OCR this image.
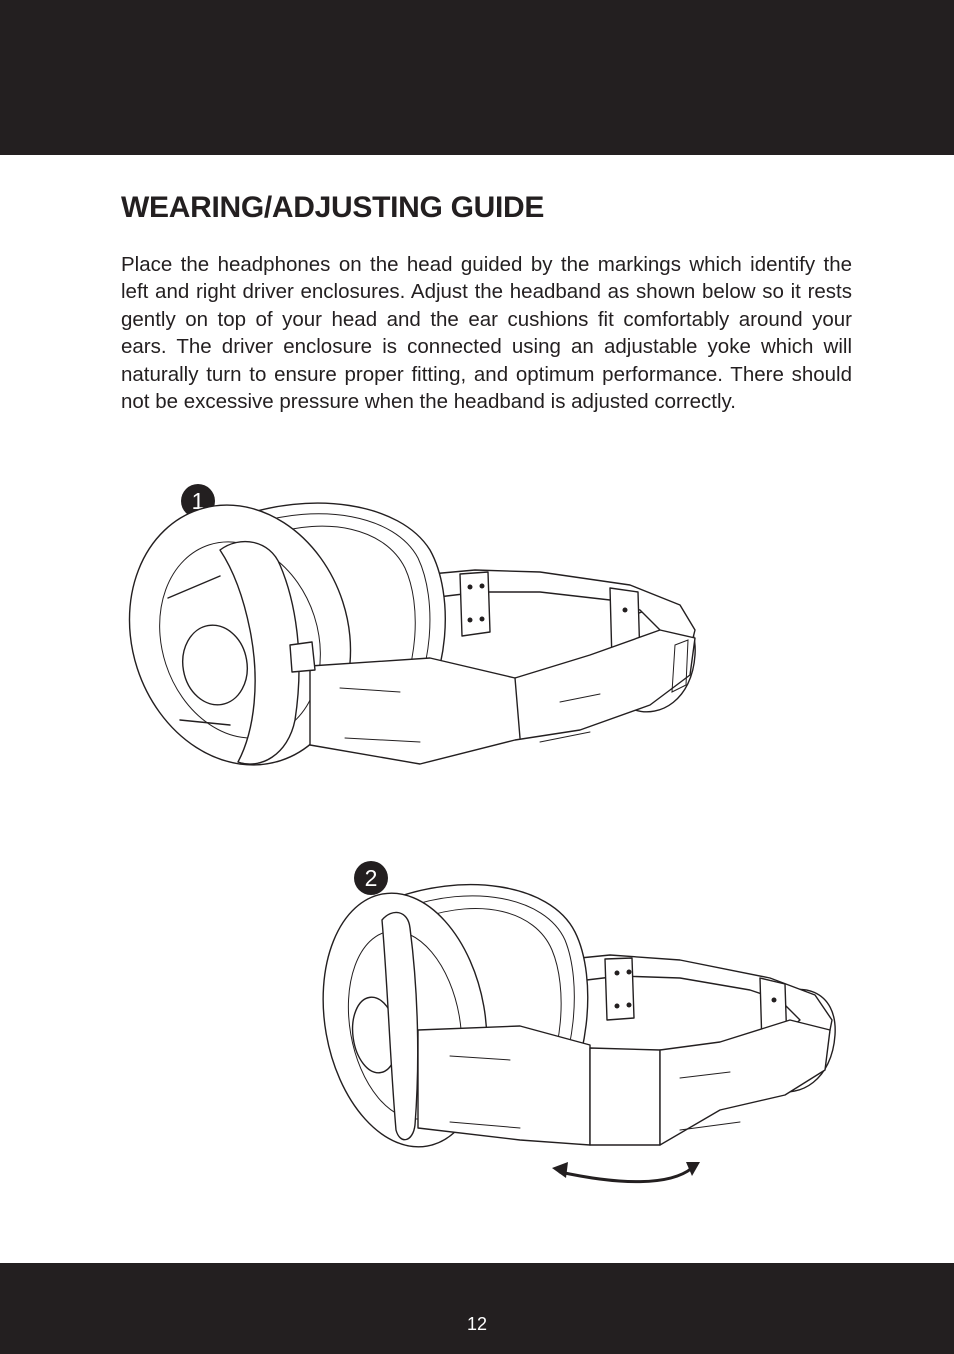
WEARING/ADJUSTING GUIDE

Place the headphones on the head guided by the markings which identify the left and right driver enclosures. Adjust the headband as shown below so it rests gently on top of your head and the ear cushions fit comfortably around your ears. The driver enclosure is connected using an adjustable yoke which will naturally turn to ensure proper fitting, and optimum performance. There should not be excessive pressure when the headband is adjusted correctly.

1
2
12
